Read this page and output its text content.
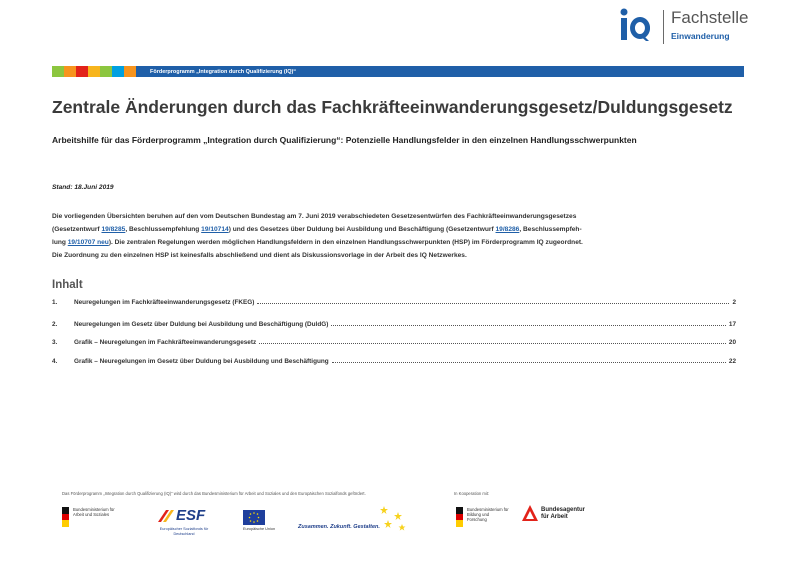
Fachstelle
Einwanderung
Förderprogramm „Integration durch Qualifizierung (IQ)“
Zentrale Änderungen durch das Fachkräfteeinwanderungsgesetz/Duldungsgesetz
Arbeitshilfe für das Förderprogramm „Integration durch Qualifizierung“: Potenzielle Handlungsfelder in den einzelnen Handlungsschwerpunkten
Stand: 18.Juni 2019
Die vorliegenden Übersichten beruhen auf den vom Deutschen Bundestag am 7. Juni 2019 verabschiedeten Gesetzesentwürfen des Fachkräfteeinwanderungsgesetzes
(Gesetzentwurf 19/8285, Beschlussempfehlung 19/10714) und des Gesetzes über Duldung bei Ausbildung und Beschäftigung (Gesetzentwurf 19/8286, Beschlussempfeh-
lung 19/10707 neu). Die zentralen Regelungen werden möglichen Handlungsfeldern in den einzelnen Handlungsschwerpunkten (HSP) im Förderprogramm IQ zugeordnet.
Die Zuordnung zu den einzelnen HSP ist keinesfalls abschließend und dient als Diskussionsvorlage in der Arbeit des IQ Netzwerkes.
Inhalt
1.	Neuregelungen im Fachkräfteeinwanderungsgesetz (FKEG)	2
2.	Neuregelungen im Gesetz über Duldung bei Ausbildung und Beschäftigung (DuldG)	17
3.	Grafik – Neuregelungen im Fachkräfteeinwanderungsgesetz	20
4.	Grafik – Neuregelungen im Gesetz über Duldung bei Ausbildung und Beschäftigung	22
Das Förderprogramm „Integration durch Qualifizierung (IQ)“ wird durch das Bundesministerium für Arbeit und Soziales und den Europäischen Sozialfonds gefördert.	In Kooperation mit:
Bundesministerium für Arbeit und Soziales	ESF
Europäischer Sozialfonds für Deutschland
Europäische Union	Zusammen. Zukunft. Gestalten.
Bundesministerium für Bildung und Forschung
Bundesagentur
für Arbeit
